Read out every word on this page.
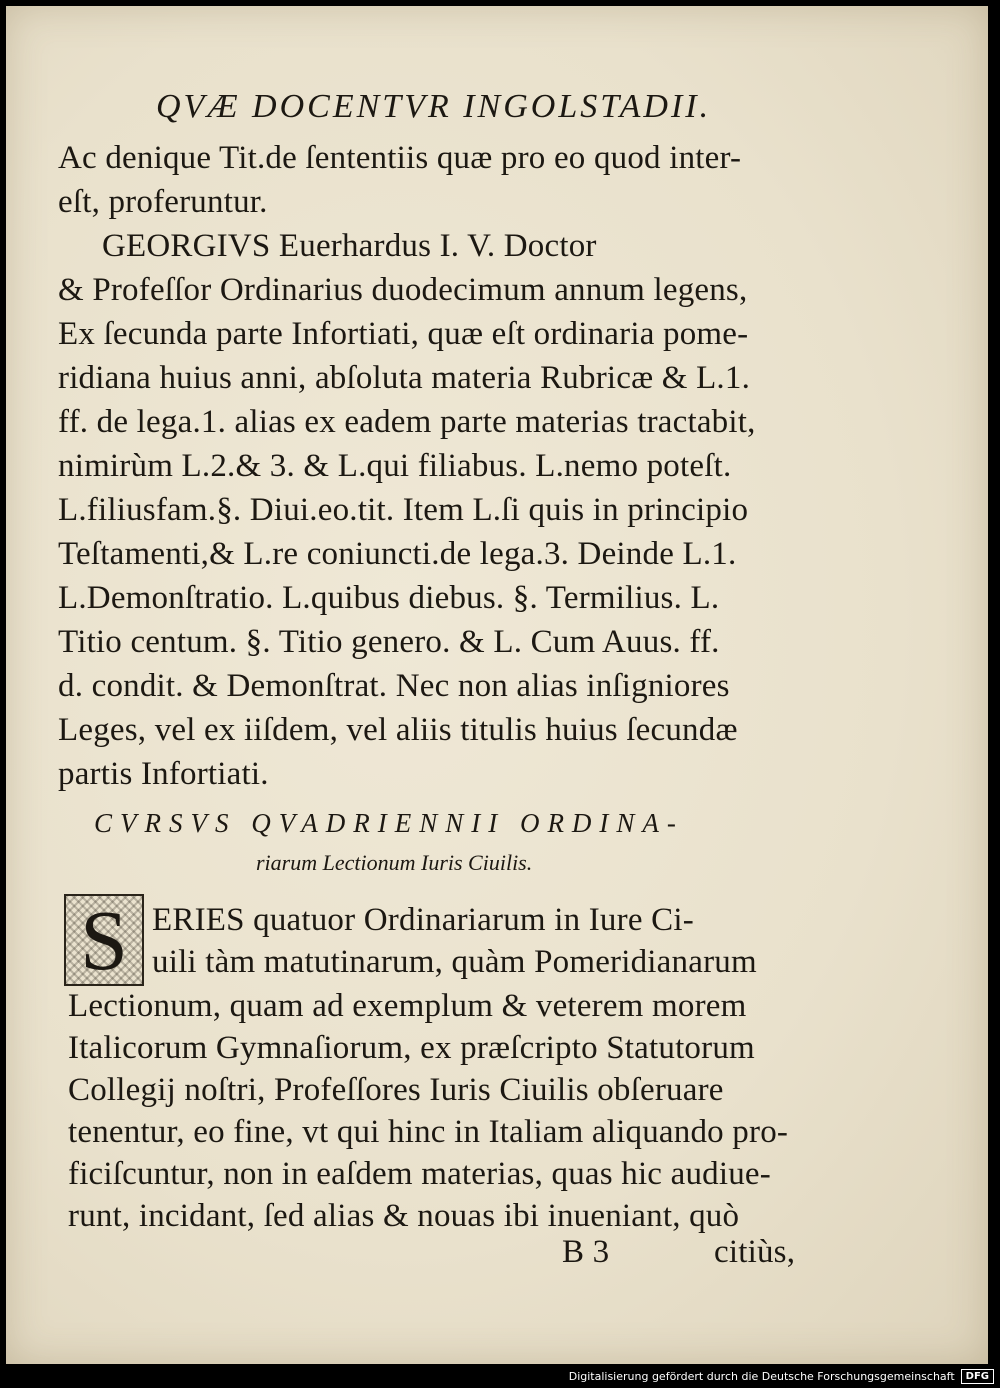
QVÆ DOCENTVR INGOLSTADII.
Ac denique Tit.de ſententiis quæ pro eo quod inter-
eſt, proferuntur.
GEORGIVS Euerhardus I. V. Doctor
& Profeſſor Ordinarius duodecimum annum legens,
Ex ſecunda parte Infortiati, quæ eſt ordinaria pome-
ridiana huius anni, abſoluta materia Rubricæ & L.1.
ff. de lega.1. alias ex eadem parte materias tractabit,
nimirùm L.2.& 3. & L.qui filiabus. L.nemo poteſt.
L.filiusfam.§. Diui.eo.tit. Item L.ſi quis in principio
Teſtamenti,& L.re coniuncti.de lega.3. Deinde L.1.
L.Demonſtratio. L.quibus diebus. §. Termilius. L.
Titio centum. §. Titio genero. & L. Cum Auus. ff.
d. condit. & Demonſtrat. Nec non alias inſigniores
Leges, vel ex iiſdem, vel aliis titulis huius ſecundæ
partis Infortiati.
CVRSVS QVADRIENNII ORDINA-
riarum Lectionum Iuris Ciuilis.
S ERIES quatuor Ordinariarum in Iure Ci-
uili tàm matutinarum, quàm Pomeridianarum
Lectionum, quam ad exemplum & veterem morem
Italicorum Gymnaſiorum, ex præſcripto Statutorum
Collegij noſtri, Profeſſores Iuris Ciuilis obſeruare
tenentur, eo fine, vt qui hinc in Italiam aliquando pro-
ficiſcuntur, non in eaſdem materias, quas hic audiue-
runt, incidant, ſed alias & nouas ibi inueniant, quò
B 3	citiùs,
Digitalisierung gefördert durch die Deutsche Forschungsgemeinschaft	DFG
